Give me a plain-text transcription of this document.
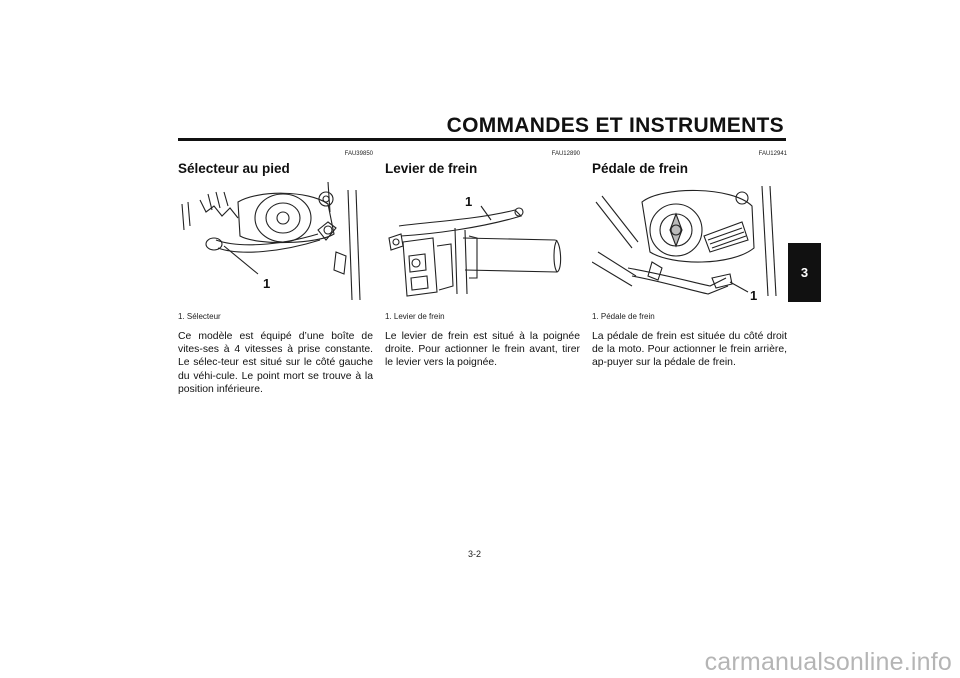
COMMANDES ET INSTRUMENTS
3
FAU39850
Sélecteur au pied
1
1. Sélecteur
Ce modèle est équipé d’une boîte de vites-ses à 4 vitesses à prise constante. Le sélec-teur est situé sur le côté gauche du véhi-cule. Le point mort se trouve à la position inférieure.
FAU12890
Levier de frein
1
1. Levier de frein
Le levier de frein est situé à la poignée droite. Pour actionner le frein avant, tirer le levier vers la poignée.
FAU12941
Pédale de frein
1
1. Pédale de frein
La pédale de frein est située du côté droit de la moto. Pour actionner le frein arrière, ap-puyer sur la pédale de frein.
3-2
carmanualsonline.info
